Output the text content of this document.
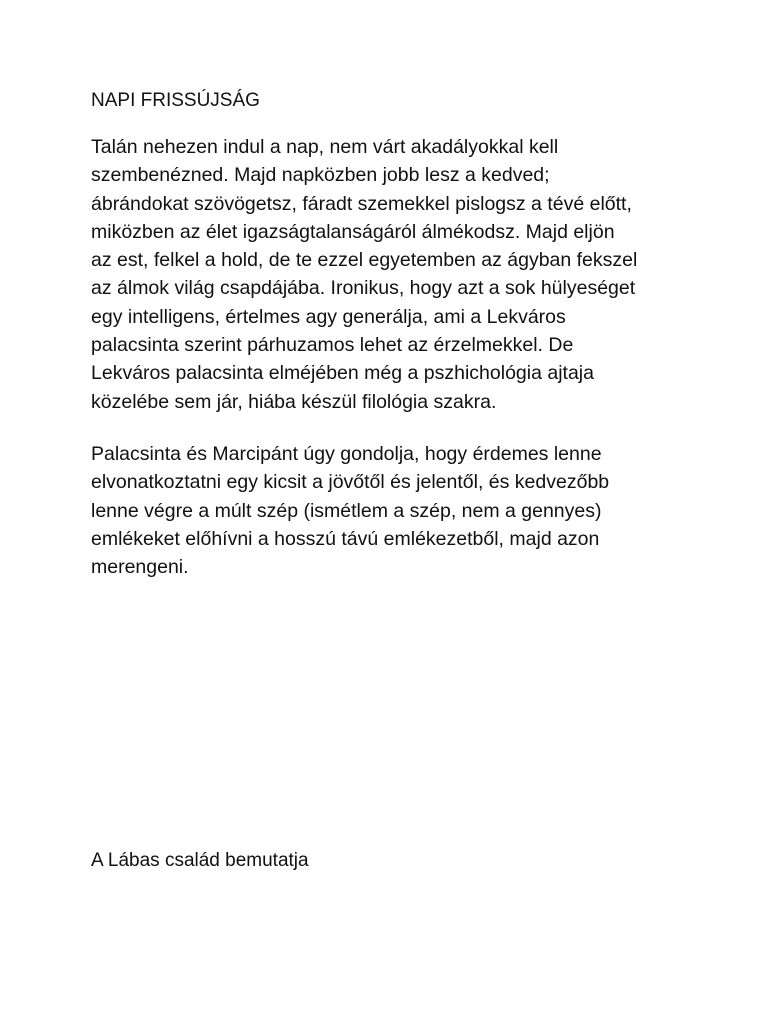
NAPI FRISSÚJSÁG
Talán nehezen indul a nap, nem várt akadályokkal kell
szembenézned. Majd napközben jobb lesz a kedved;
ábrándokat szövögetsz, fáradt szemekkel pislogsz a tévé előtt,
miközben az élet igazságtalanságáról álmékodsz. Majd eljön
az est, felkel a hold, de te ezzel egyetemben az ágyban fekszel
az álmok világ csapdájába. Ironikus, hogy azt a sok hülyeséget
egy intelligens, értelmes agy generálja, ami a Lekváros
palacsinta szerint párhuzamos lehet az érzelmekkel. De
Lekváros palacsinta elméjében még a pszhichológia ajtaja
közelébe sem jár, hiába készül filológia szakra.
Palacsinta és Marcipánt úgy gondolja, hogy érdemes lenne
elvonatkoztatni egy kicsit a jövőtől és jelentől, és kedvezőbb
lenne végre a múlt szép (ismétlem a szép, nem a gennyes)
emlékeket előhívni a hosszú távú emlékezetből, majd azon
merengeni.
A Lábas család bemutatja
